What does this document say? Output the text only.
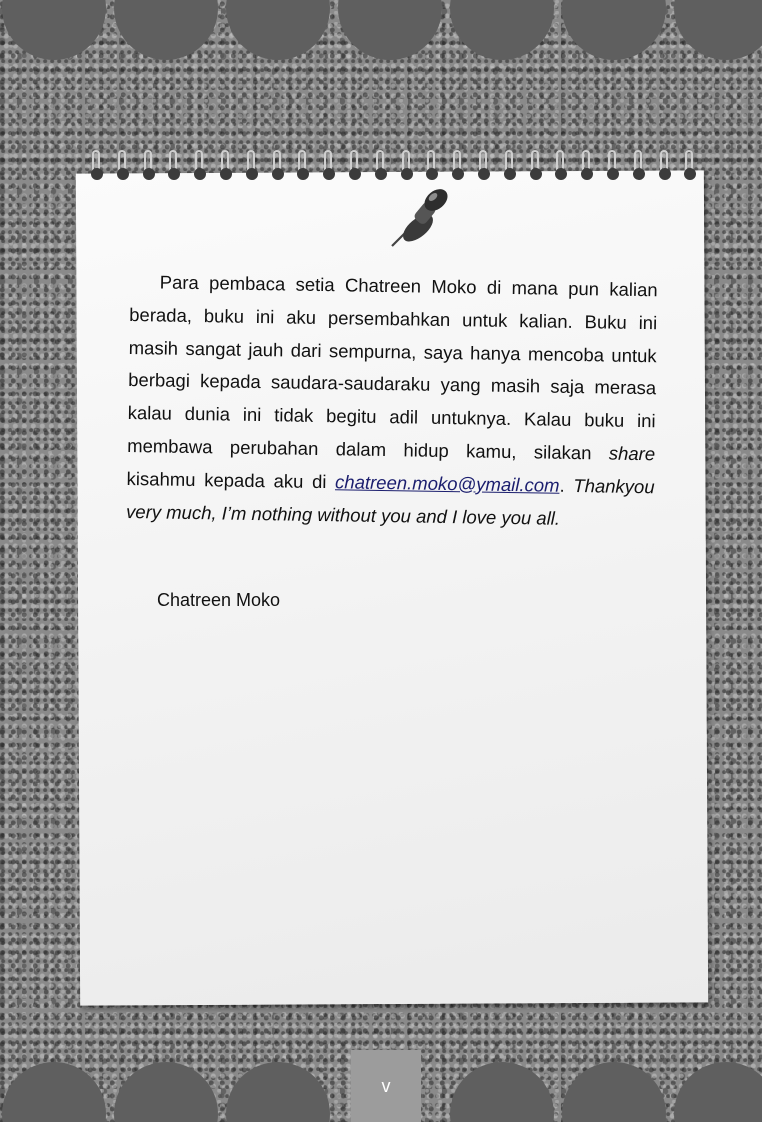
Para pembaca setia Chatreen Moko di mana pun kalian berada, buku ini aku persembahkan untuk kalian. Buku ini masih sangat jauh dari sempurna, saya hanya mencoba untuk berbagi kepada saudara-saudaraku yang masih saja merasa kalau dunia ini tidak begitu adil untuknya. Kalau buku ini membawa perubahan dalam hidup kamu, silakan share kisahmu kepada aku di chatreen.moko@ymail.com. Thankyou very much, I’m nothing without you and I love you all.

Chatreen Moko
v
